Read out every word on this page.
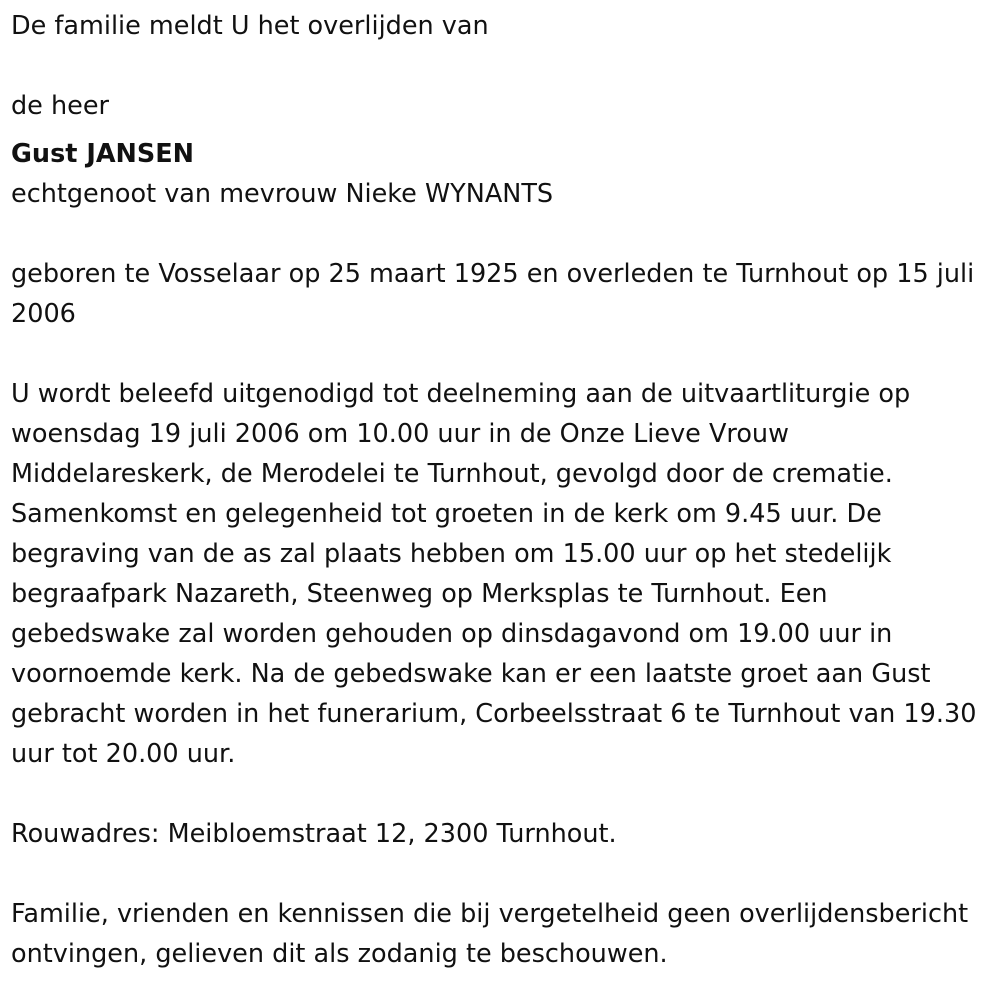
De familie meldt U het overlijden van

de heer

Gust JANSEN

echtgenoot van mevrouw Nieke WYNANTS

geboren te Vosselaar op 25 maart 1925 en overleden te Turnhout op 15 juli 2006

U wordt beleefd uitgenodigd tot deelneming aan de uitvaartliturgie op woensdag 19 juli 2006 om 10.00 uur in de Onze Lieve Vrouw Middelareskerk, de Merodelei te Turnhout, gevolgd door de crematie. Samenkomst en gelegenheid tot groeten in de kerk om 9.45 uur. De begraving van de as zal plaats hebben om 15.00 uur op het stedelijk begraafpark Nazareth, Steenweg op Merksplas te Turnhout. Een gebedswake zal worden gehouden op dinsdagavond om 19.00 uur in voornoemde kerk. Na de gebedswake kan er een laatste groet aan Gust gebracht worden in het funerarium, Corbeelsstraat 6 te Turnhout van 19.30 uur tot 20.00 uur.

Rouwadres: Meibloemstraat 12, 2300 Turnhout.

Familie, vrienden en kennissen die bij vergetelheid geen overlijdensbericht ontvingen, gelieven dit als zodanig te beschouwen.
